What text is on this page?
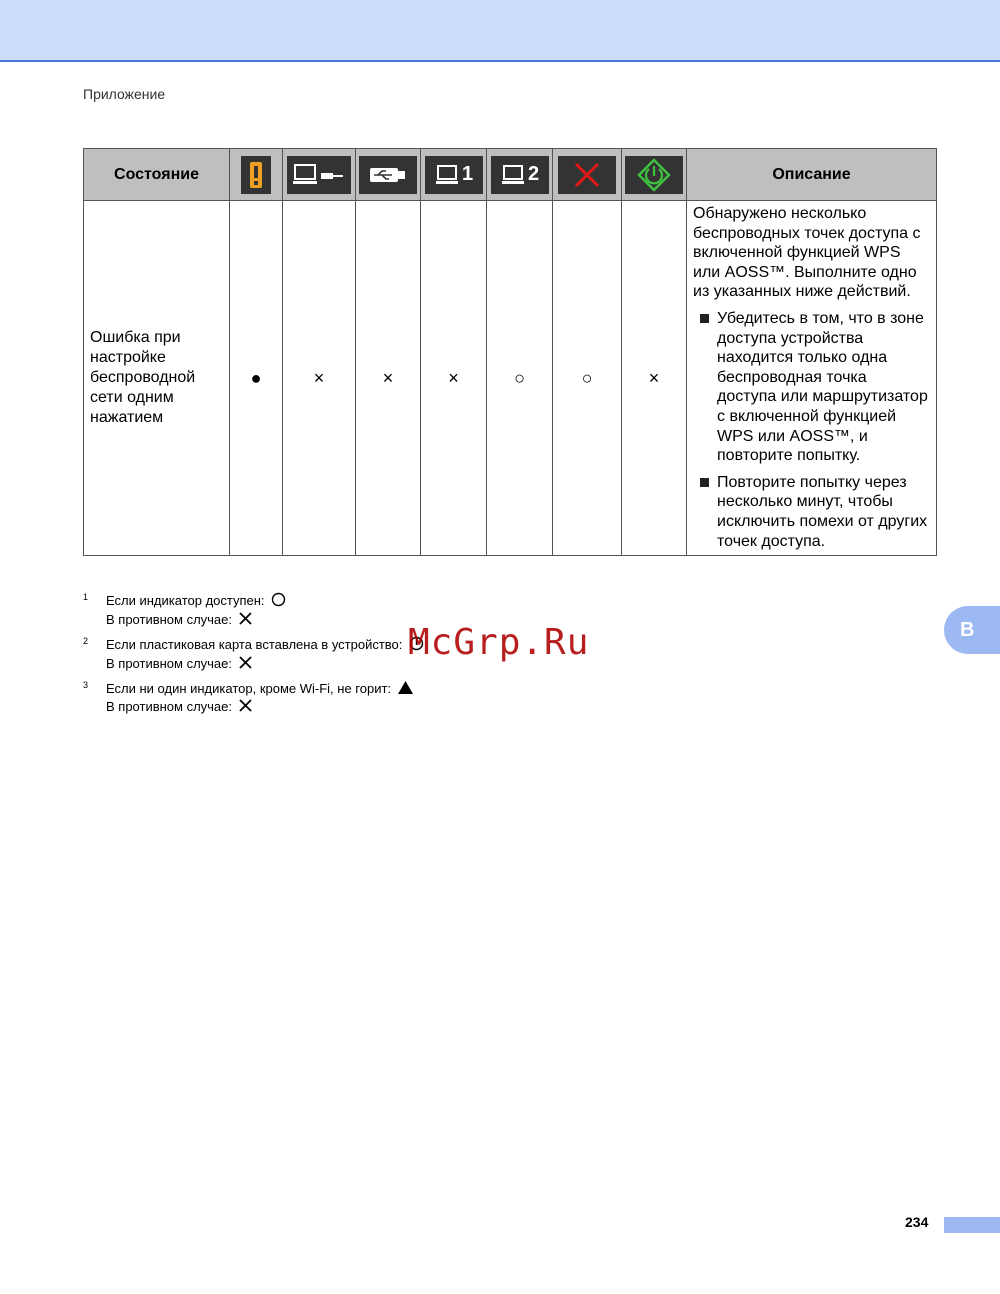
Приложение
Состояние				1	2			Описание

Ошибка при настройке беспроводной сети одним нажатием	●	×	×	×	○	○	×	Обнаружено несколько беспроводных точек доступа с включенной функцией WPS или AOSS™. Выполните одно из указанных ниже действий.

Убедитесь в том, что в зоне доступа устройства находится только одна беспроводная точка доступа или маршрутизатор с включенной функцией WPS или AOSS™, и повторите попытку.

Повторите попытку через несколько минут, чтобы исключить помехи от других точек доступа.

1 Если индикатор доступен:
В противном случае:
2 Если пластиковая карта вставлена в устройство:
В противном случае:
3 Если ни один индикатор, кроме Wi-Fi, не горит:
В противном случае:
McGrp.Ru	B
234
